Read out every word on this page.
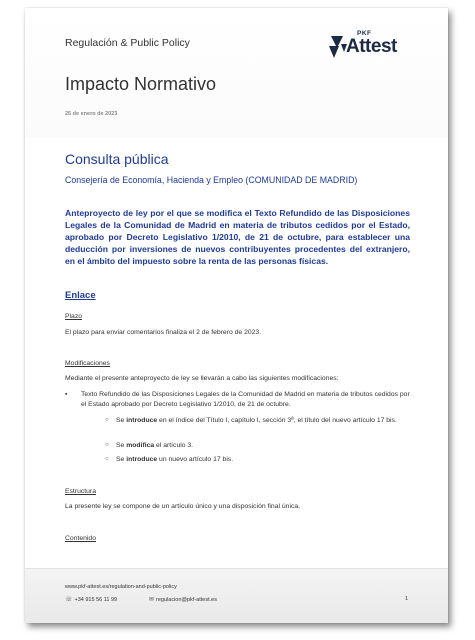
Regulación & Public Policy
PKF
Attest
Impacto Normativo
25 de enero de 2023
Consulta pública
Consejería de Economía, Hacienda y Empleo (COMUNIDAD DE MADRID)
Anteproyecto de ley por el que se modifica el Texto Refundido de las Disposiciones Legales de la Comunidad de Madrid en materia de tributos cedidos por el Estado, aprobado por Decreto Legislativo 1/2010, de 21 de octubre, para establecer una deducción por inversiones de nuevos contribuyentes procedentes del extranjero, en el ámbito del impuesto sobre la renta de las personas físicas.
Enlace
Plazo
El plazo para enviar comentarios finaliza el 2 de febrero de 2023.
Modificaciones
Mediante el presente anteproyecto de ley se llevarán a cabo las siguientes modificaciones:
▪ Texto Refundido de las Disposiciones Legales de la Comunidad de Madrid en materia de tributos cedidos por el Estado aprobado por Decreto Legislativo 1/2010, de 21 de octubre.
○ Se introduce en el índice del Título I, capítulo I, sección 3ª, el título del nuevo artículo 17 bis.
○ Se modifica el artículo 3.
○ Se introduce un nuevo artículo 17 bis.
Estructura
La presente ley se compone de un artículo único y una disposición final única.
Contenido
www.pkf-attest.es/regulation-and-public-policy
☏ +34 915 56 11 99	✉ regulacion@pkf-attest.es	1
